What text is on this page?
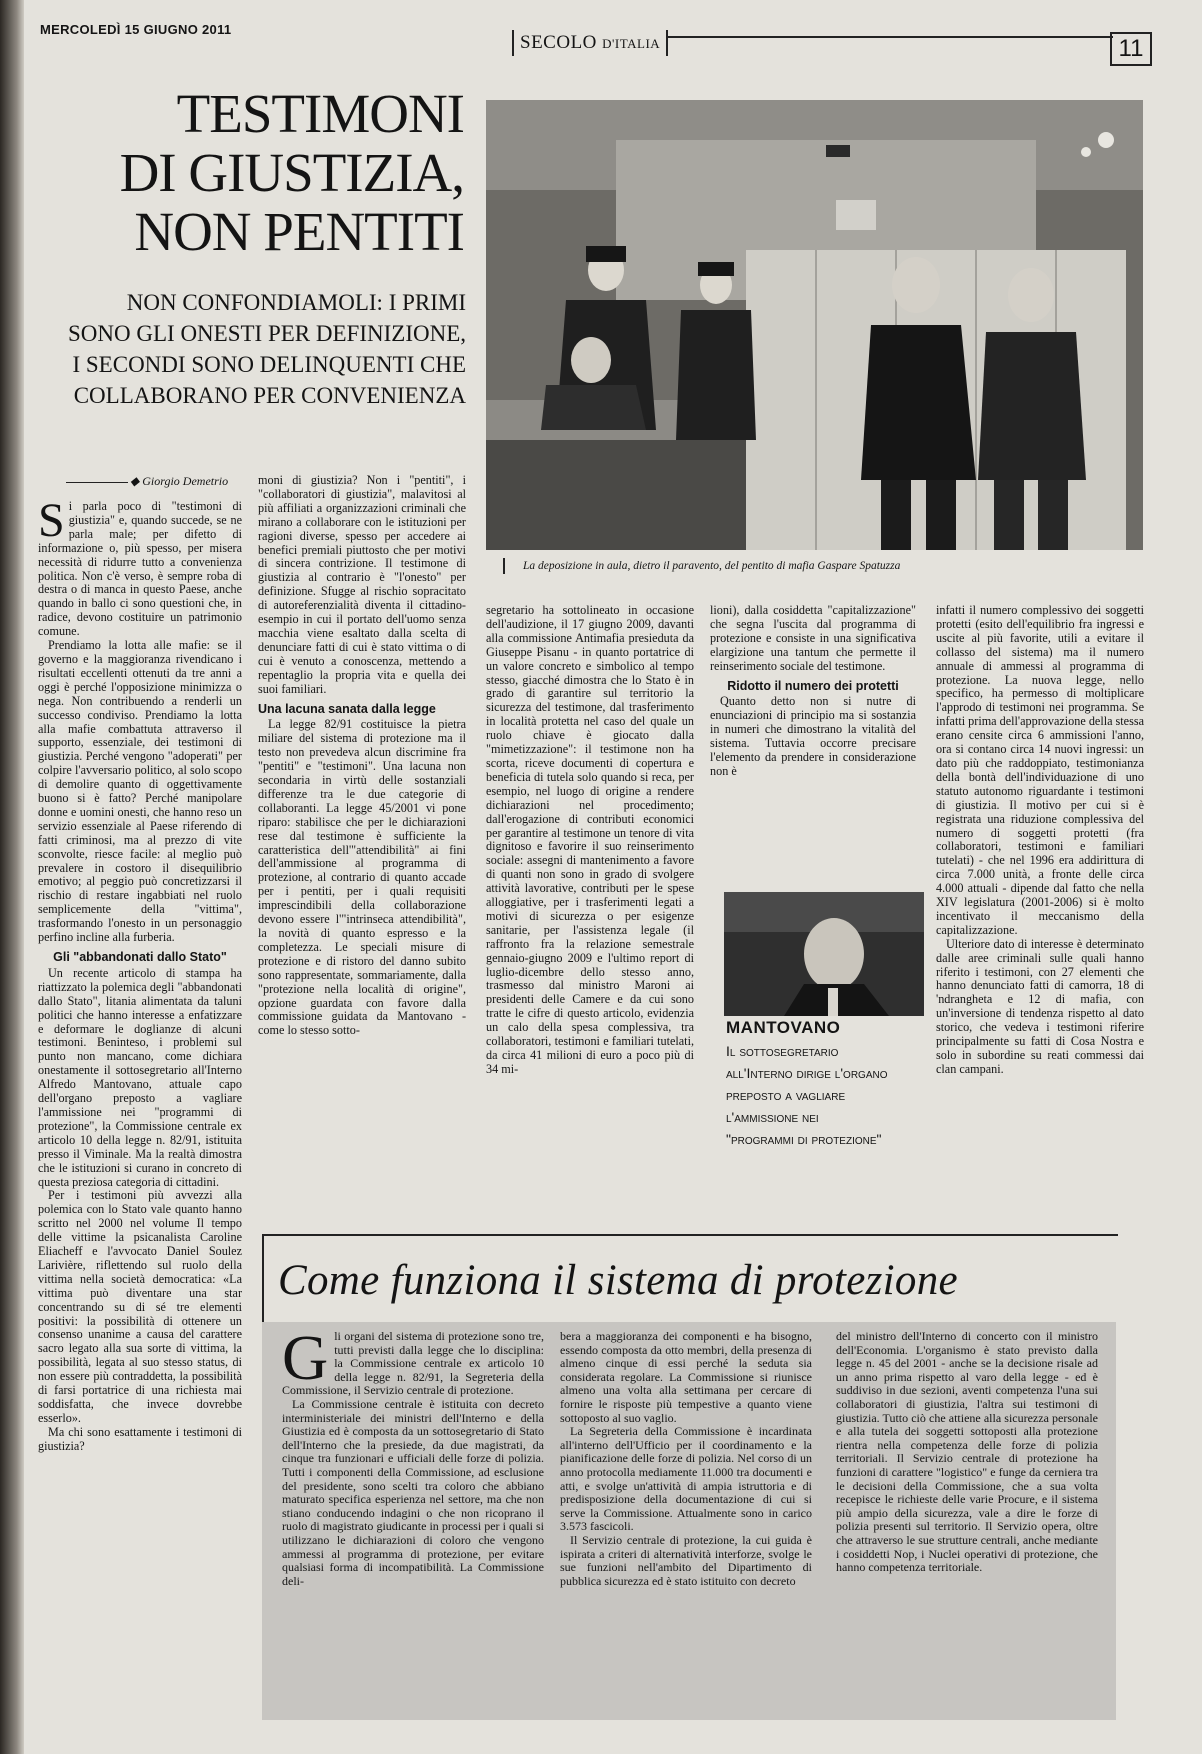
MERCOLEDÌ 15 GIUGNO 2011
SECOLO D'ITALIA	11
TESTIMONI
DI GIUSTIZIA,
NON PENTITI
NON CONFONDIAMOLI: I PRIMI
SONO GLI ONESTI PER DEFINIZIONE,
I SECONDI SONO DELINQUENTI CHE
COLLABORANO PER CONVENIENZA
La deposizione in aula, dietro il paravento, del pentito di mafia Gaspare Spatuzza
◆ Giorgio Demetrio

Si parla poco di "testimoni di giustizia" e, quando succede, se ne parla male; per difetto di informazione o, più spesso, per misera necessità di ridurre tutto a convenienza politica. Non c'è verso, è sempre roba di destra o di manca in questo Paese, anche quando in ballo ci sono questioni che, in radice, devono costituire un patrimonio comune.

Prendiamo la lotta alle mafie: se il governo e la maggioranza rivendicano i risultati eccellenti ottenuti da tre anni a oggi è perché l'opposizione minimizza o nega. Non contribuendo a renderli un successo condiviso. Prendiamo la lotta alla mafie combattuta attraverso il supporto, essenziale, dei testimoni di giustizia. Perché vengono "adoperati" per colpire l'avversario politico, al solo scopo di demolire quanto di oggettivamente buono si è fatto? Perché manipolare donne e uomini onesti, che hanno reso un servizio essenziale al Paese riferendo di fatti criminosi, ma al prezzo di vite sconvolte, riesce facile: al meglio può prevalere in costoro il disequilibrio emotivo; al peggio può concretizzarsi il rischio di restare ingabbiati nel ruolo semplicemente della "vittima", trasformando l'onesto in un personaggio perfino incline alla furberia.

Gli "abbandonati dallo Stato"

Un recente articolo di stampa ha riattizzato la polemica degli "abbandonati dallo Stato", litania alimentata da taluni politici che hanno interesse a enfatizzare e deformare le doglianze di alcuni testimoni. Beninteso, i problemi sul punto non mancano, come dichiara onestamente il sottosegretario all'Interno Alfredo Mantovano, attuale capo dell'organo preposto a vagliare l'ammissione nei "programmi di protezione", la Commissione centrale ex articolo 10 della legge n. 82/91, istituita presso il Viminale. Ma la realtà dimostra che le istituzioni si curano in concreto di questa preziosa categoria di cittadini.

Per i testimoni più avvezzi alla polemica con lo Stato vale quanto hanno scritto nel 2000 nel volume Il tempo delle vittime la psicanalista Caroline Eliacheff e l'avvocato Daniel Soulez Larivière, riflettendo sul ruolo della vittima nella società democratica: «La vittima può diventare una star concentrando su di sé tre elementi positivi: la possibilità di ottenere un consenso unanime a causa del carattere sacro legato alla sua sorte di vittima, la possibilità, legata al suo stesso status, di non essere più contraddetta, la possibilità di farsi portatrice di una richiesta mai soddisfatta, che invece dovrebbe esserlo».

Ma chi sono esattamente i testimoni di giustizia?

moni di giustizia? Non i "pentiti", i "collaboratori di giustizia", malavitosi al più affiliati a organizzazioni criminali che mirano a collaborare con le istituzioni per ragioni diverse, spesso per accedere ai benefici premiali piuttosto che per motivi di sincera contrizione. Il testimone di giustizia al contrario è "l'onesto" per definizione. Sfugge al rischio sopracitato di autoreferenzialità diventa il cittadino-esempio in cui il portato dell'uomo senza macchia viene esaltato dalla scelta di denunciare fatti di cui è stato vittima o di cui è venuto a conoscenza, mettendo a repentaglio la propria vita e quella dei suoi familiari.

Una lacuna sanata dalla legge

La legge 82/91 costituisce la pietra miliare del sistema di protezione ma il testo non prevedeva alcun discrimine fra "pentiti" e "testimoni". Una lacuna non secondaria in virtù delle sostanziali differenze tra le due categorie di collaboranti. La legge 45/2001 vi pone riparo: stabilisce che per le dichiarazioni rese dal testimone è sufficiente la caratteristica dell'"attendibilità" ai fini dell'ammissione al programma di protezione, al contrario di quanto accade per i pentiti, per i quali requisiti imprescindibili della collaborazione devono essere l'"intrinseca attendibilità", la novità di quanto espresso e la completezza. Le speciali misure di protezione e di ristoro del danno subito sono rappresentate, sommariamente, dalla "protezione nella località di origine", opzione guardata con favore dalla commissione guidata da Mantovano - come lo stesso sotto-

segretario ha sottolineato in occasione dell'audizione, il 17 giugno 2009, davanti alla commissione Antimafia presieduta da Giuseppe Pisanu - in quanto portatrice di un valore concreto e simbolico al tempo stesso, giacché dimostra che lo Stato è in grado di garantire sul territorio la sicurezza del testimone, dal trasferimento in località protetta nel caso del quale un ruolo chiave è giocato dalla "mimetizzazione": il testimone non ha scorta, riceve documenti di copertura e beneficia di tutela solo quando si reca, per esempio, nel luogo di origine a rendere dichiarazioni nel procedimento; dall'erogazione di contributi economici per garantire al testimone un tenore di vita dignitoso e favorire il suo reinserimento sociale: assegni di mantenimento a favore di quanti non sono in grado di svolgere attività lavorative, contributi per le spese alloggiative, per i trasferimenti legati a motivi di sicurezza o per esigenze sanitarie, per l'assistenza legale (il raffronto fra la relazione semestrale gennaio-giugno 2009 e l'ultimo report di luglio-dicembre dello stesso anno, trasmesso dal ministro Maroni ai presidenti delle Camere e da cui sono tratte le cifre di questo articolo, evidenzia un calo della spesa complessiva, tra collaboratori, testimoni e familiari tutelati, da circa 41 milioni di euro a poco più di 34 mi-

lioni), dalla cosiddetta "capitalizzazione" che segna l'uscita dal programma di protezione e consiste in una significativa elargizione una tantum che permette il reinserimento sociale del testimone.

Ridotto il numero dei protetti

Quanto detto non si nutre di enunciazioni di principio ma si sostanzia in numeri che dimostrano la vitalità del sistema. Tuttavia occorre precisare l'elemento da prendere in considerazione non è

MANTOVANO
Il sottosegretario
all'Interno dirige l'organo
preposto a vagliare
l'ammissione nei
"programmi di protezione"

infatti il numero complessivo dei soggetti protetti (esito dell'equilibrio fra ingressi e uscite al più favorite, utili a evitare il collasso del sistema) ma il numero annuale di ammessi al programma di protezione. La nuova legge, nello specifico, ha permesso di moltiplicare l'approdo di testimoni nei programma. Se infatti prima dell'approvazione della stessa erano censite circa 6 ammissioni l'anno, ora si contano circa 14 nuovi ingressi: un dato più che raddoppiato, testimonianza della bontà dell'individuazione di uno statuto autonomo riguardante i testimoni di giustizia. Il motivo per cui si è registrata una riduzione complessiva del numero di soggetti protetti (fra collaboratori, testimoni e familiari tutelati) - che nel 1996 era addirittura di circa 7.000 unità, a fronte delle circa 4.000 attuali - dipende dal fatto che nella XIV legislatura (2001-2006) si è molto incentivato il meccanismo della capitalizzazione.

Ulteriore dato di interesse è determinato dalle aree criminali sulle quali hanno riferito i testimoni, con 27 elementi che hanno denunciato fatti di camorra, 18 di 'ndrangheta e 12 di mafia, con un'inversione di tendenza rispetto al dato storico, che vedeva i testimoni riferire principalmente su fatti di Cosa Nostra e solo in subordine su reati commessi dai clan campani.

Gli organi del sistema di protezione sono tre, tutti previsti dalla legge che lo disciplina: la Commissione centrale ex articolo 10 della legge n. 82/91, la Segreteria della Commissione, il Servizio centrale di protezione.

La Commissione centrale è istituita con decreto interministeriale dei ministri dell'Interno e della Giustizia ed è composta da un sottosegretario di Stato dell'Interno che la presiede, da due magistrati, da cinque tra funzionari e ufficiali delle forze di polizia. Tutti i componenti della Commissione, ad esclusione del presidente, sono scelti tra coloro che abbiano maturato specifica esperienza nel settore, ma che non stiano conducendo indagini o che non ricoprano il ruolo di magistrato giudicante in processi per i quali si utilizzano le dichiarazioni di coloro che vengono ammessi al programma di protezione, per evitare qualsiasi forma di incompatibilità. La Commissione deli-

bera a maggioranza dei componenti e ha bisogno, essendo composta da otto membri, della presenza di almeno cinque di essi perché la seduta sia considerata regolare. La Commissione si riunisce almeno una volta alla settimana per cercare di fornire le risposte più tempestive a quanto viene sottoposto al suo vaglio.

La Segreteria della Commissione è incardinata all'interno dell'Ufficio per il coordinamento e la pianificazione delle forze di polizia. Nel corso di un anno protocolla mediamente 11.000 tra documenti e atti, e svolge un'attività di ampia istruttoria e di predisposizione della documentazione di cui si serve la Commissione. Attualmente sono in carico 3.573 fascicoli.

Il Servizio centrale di protezione, la cui guida è ispirata a criteri di alternatività interforze, svolge le sue funzioni nell'ambito del Dipartimento di pubblica sicurezza ed è stato istituito con decreto

del ministro dell'Interno di concerto con il ministro dell'Economia. L'organismo è stato previsto dalla legge n. 45 del 2001 - anche se la decisione risale ad un anno prima rispetto al varo della legge - ed è suddiviso in due sezioni, aventi competenza l'una sui collaboratori di giustizia, l'altra sui testimoni di giustizia. Tutto ciò che attiene alla sicurezza personale e alla tutela dei soggetti sottoposti alla protezione rientra nella competenza delle forze di polizia territoriali. Il Servizio centrale di protezione ha funzioni di carattere "logistico" e funge da cerniera tra le decisioni della Commissione, che a sua volta recepisce le richieste delle varie Procure, e il sistema più ampio della sicurezza, vale a dire le forze di polizia presenti sul territorio. Il Servizio opera, oltre che attraverso le sue strutture centrali, anche mediante i cosiddetti Nop, i Nuclei operativi di protezione, che hanno competenza territoriale.

Come funziona il sistema di protezione
